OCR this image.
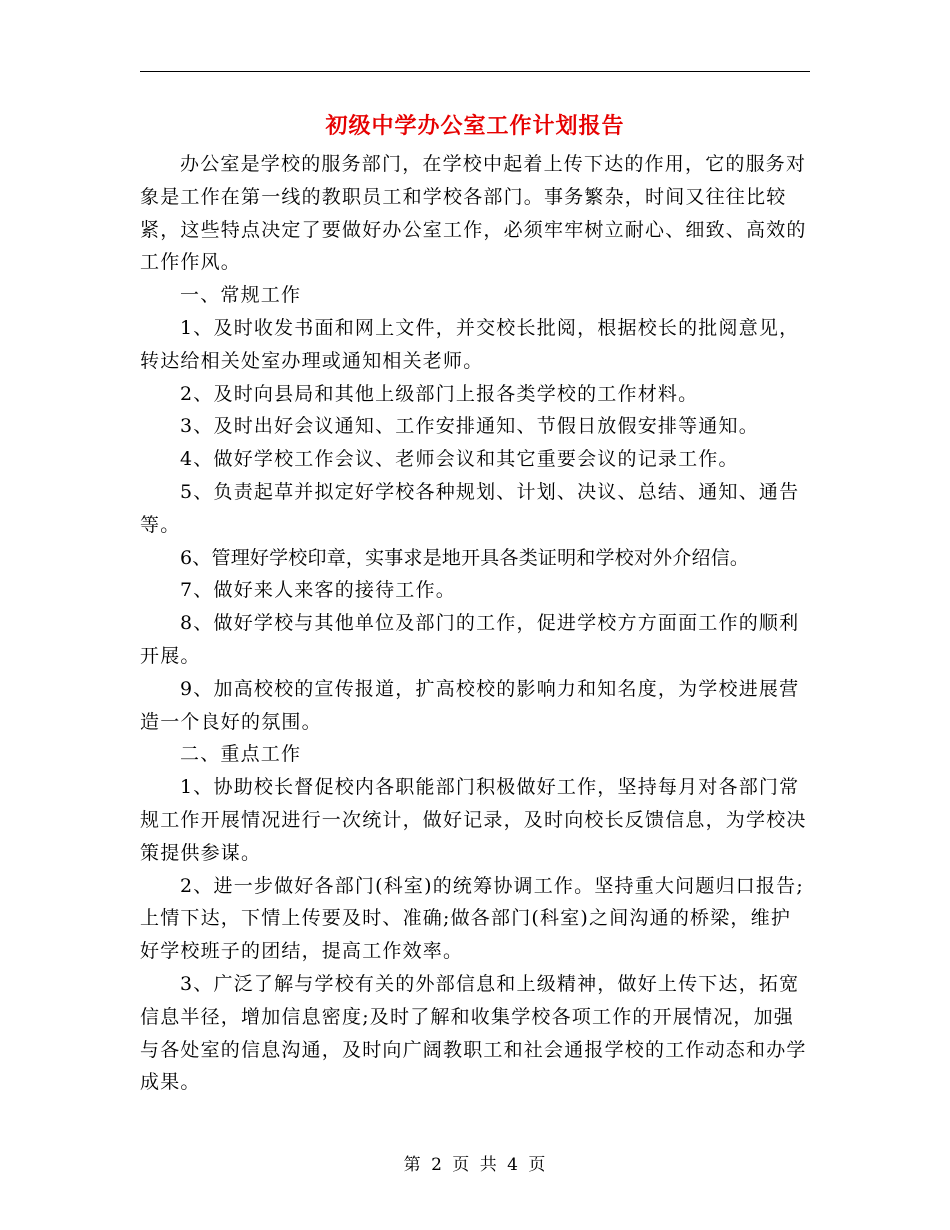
初级中学办公室工作计划报告

办公室是学校的服务部门，在学校中起着上传下达的作用，它的服务对象是工作在第一线的教职员工和学校各部门。事务繁杂，时间又往往比较紧，这些特点决定了要做好办公室工作，必须牢牢树立耐心、细致、高效的工作作风。

一、常规工作

1、及时收发书面和网上文件，并交校长批阅，根据校长的批阅意见，转达给相关处室办理或通知相关老师。

2、及时向县局和其他上级部门上报各类学校的工作材料。

3、及时出好会议通知、工作安排通知、节假日放假安排等通知。

4、做好学校工作会议、老师会议和其它重要会议的记录工作。

5、负责起草并拟定好学校各种规划、计划、决议、总结、通知、通告等。

6、管理好学校印章，实事求是地开具各类证明和学校对外介绍信。

7、做好来人来客的接待工作。

8、做好学校与其他单位及部门的工作，促进学校方方面面工作的顺利开展。

9、加高校校的宣传报道，扩高校校的影响力和知名度，为学校进展营造一个良好的氛围。

二、重点工作

1、协助校长督促校内各职能部门积极做好工作，坚持每月对各部门常规工作开展情况进行一次统计，做好记录，及时向校长反馈信息，为学校决策提供参谋。

2、进一步做好各部门(科室)的统筹协调工作。坚持重大问题归口报告;上情下达，下情上传要及时、准确;做各部门(科室)之间沟通的桥梁，维护好学校班子的团结，提高工作效率。

3、广泛了解与学校有关的外部信息和上级精神，做好上传下达，拓宽信息半径，增加信息密度;及时了解和收集学校各项工作的开展情况，加强与各处室的信息沟通，及时向广阔教职工和社会通报学校的工作动态和办学成果。

第 2 页 共 4 页
